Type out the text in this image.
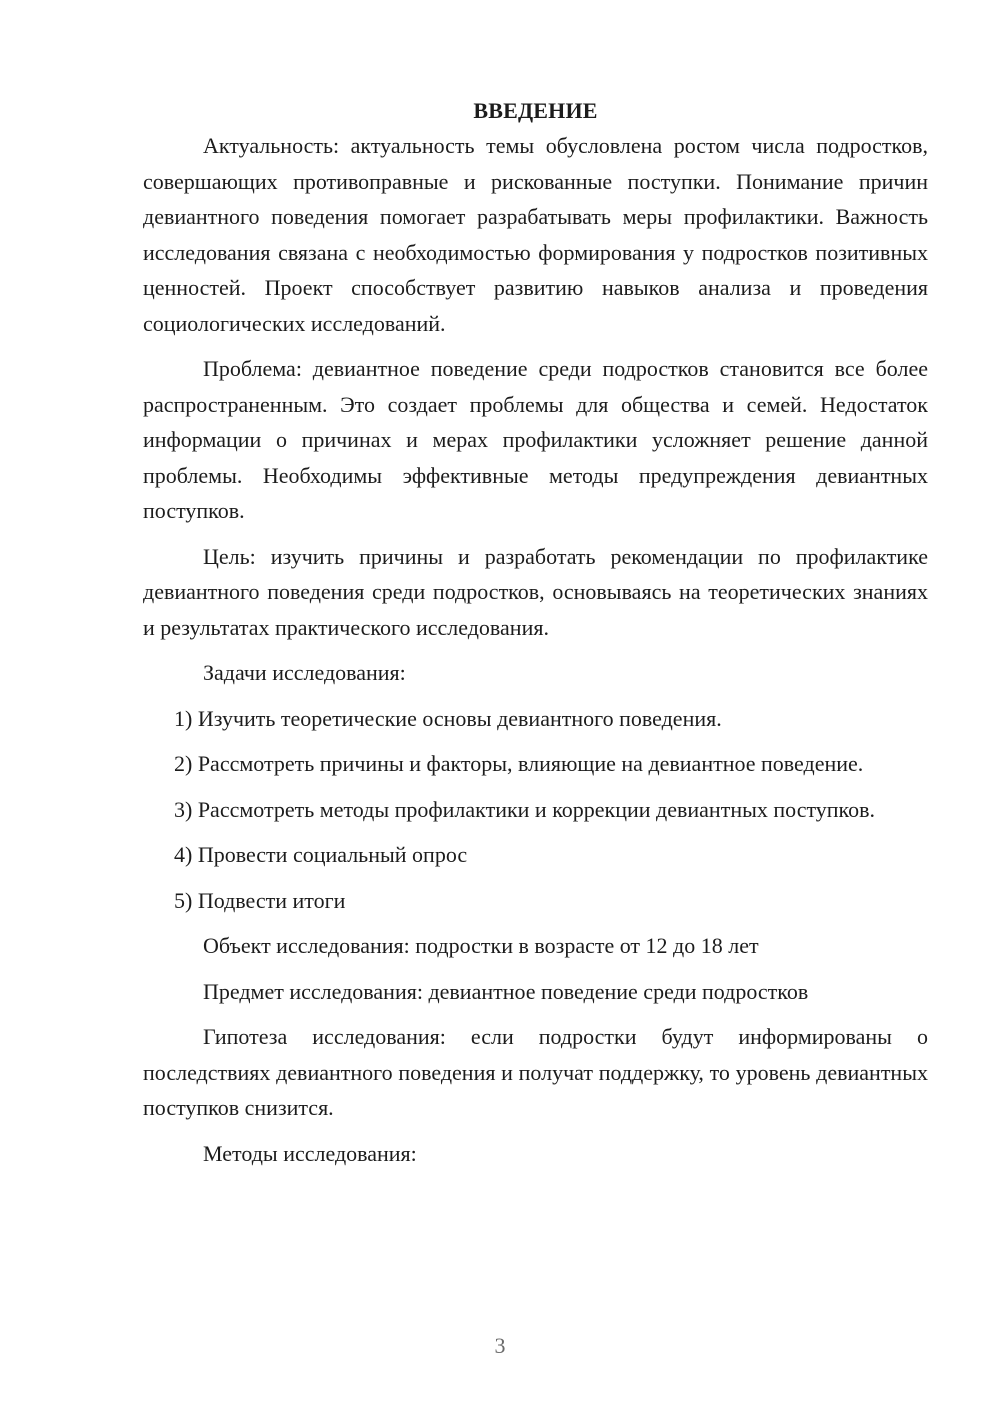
ВВЕДЕНИЕ

Актуальность: актуальность темы обусловлена ростом числа подростков, совершающих противоправные и рискованные поступки. Понимание причин девиантного поведения помогает разрабатывать меры профилактики. Важность исследования связана с необходимостью формирования у подростков позитивных ценностей. Проект способствует развитию навыков анализа и проведения социологических исследований.

Проблема: девиантное поведение среди подростков становится все более распространенным. Это создает проблемы для общества и семей. Недостаток информации о причинах и мерах профилактики усложняет решение данной проблемы. Необходимы эффективные методы предупреждения девиантных поступков.

Цель: изучить причины и разработать рекомендации по профилактике девиантного поведения среди подростков, основываясь на теоретических знаниях и результатах практического исследования.

Задачи исследования:

1) Изучить теоретические основы девиантного поведения.

2) Рассмотреть причины и факторы, влияющие на девиантное поведение.

3) Рассмотреть методы профилактики и коррекции девиантных поступков.

4) Провести социальный опрос

5) Подвести итоги

Объект исследования: подростки в возрасте от 12 до 18 лет

Предмет исследования: девиантное поведение среди подростков

Гипотеза исследования: если подростки будут информированы о последствиях девиантного поведения и получат поддержку, то уровень девиантных поступков снизится.

Методы исследования:

3
